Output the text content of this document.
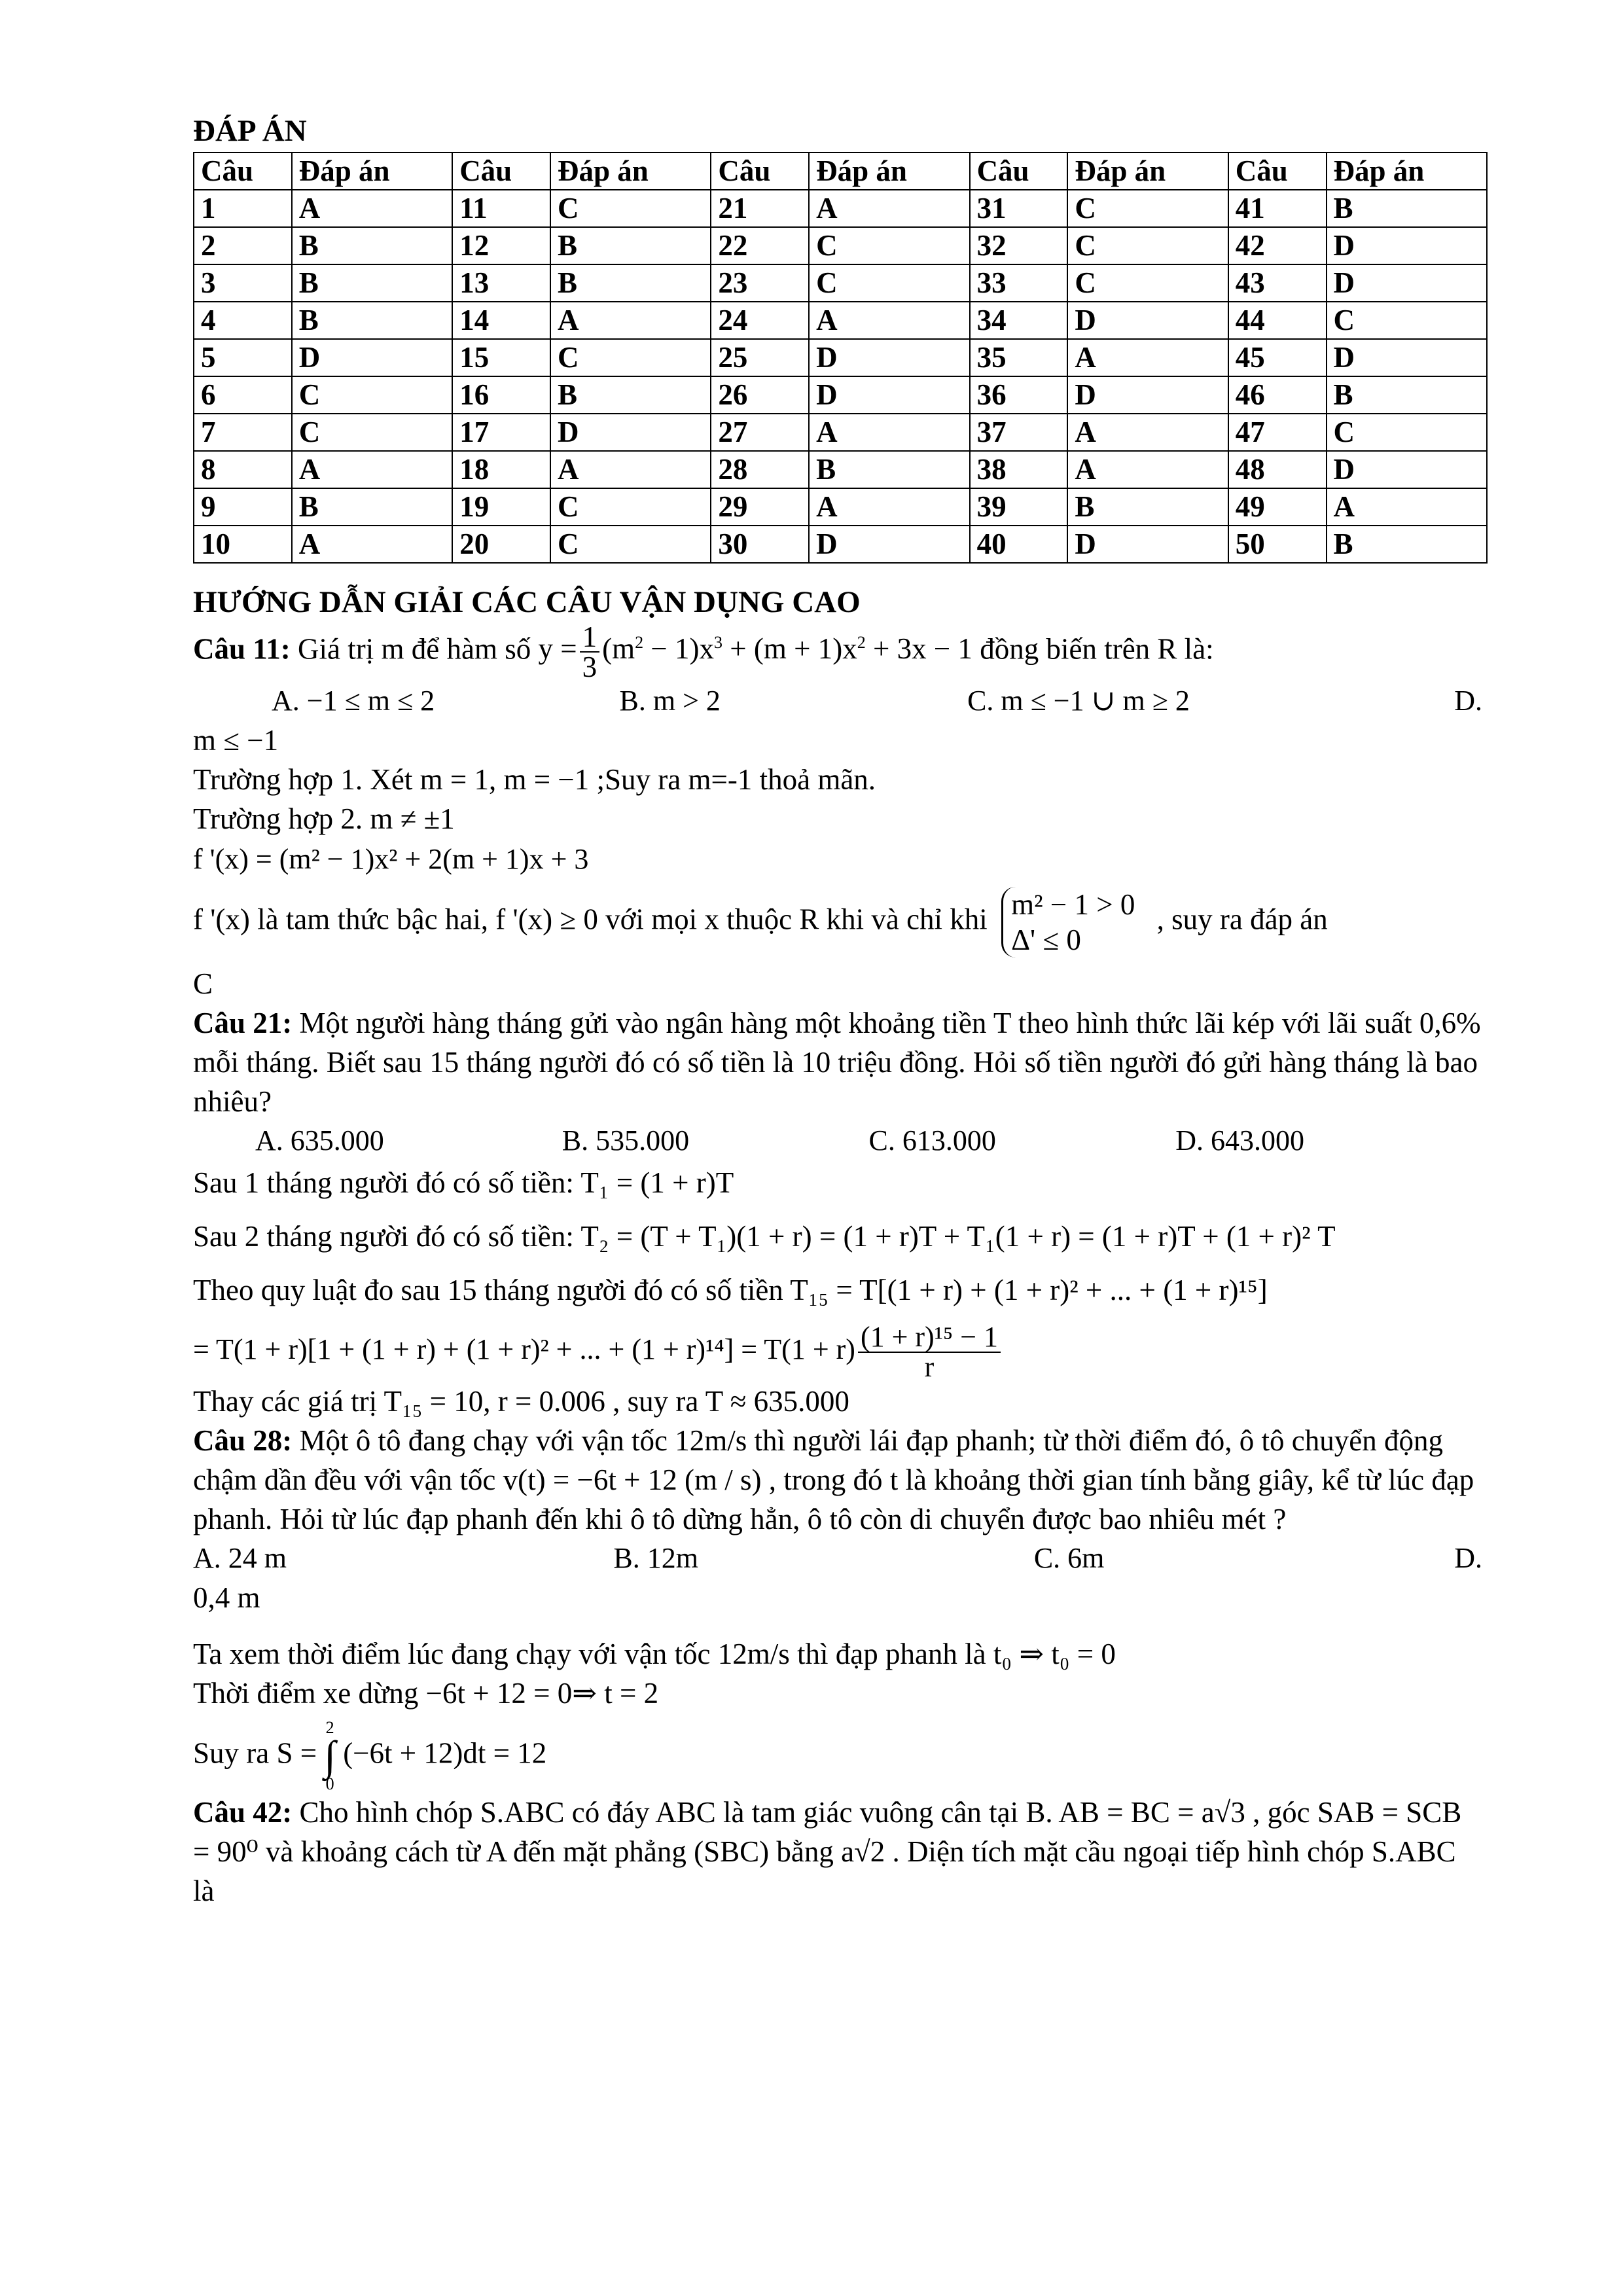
ĐÁP ÁN

Câu	Đáp án	Câu	Đáp án	Câu	Đáp án	Câu	Đáp án	Câu	Đáp án
1	A	11	C	21	A	31	C	41	B
2	B	12	B	22	C	32	C	42	D
3	B	13	B	23	C	33	C	43	D
4	B	14	A	24	A	34	D	44	C
5	D	15	C	25	D	35	A	45	D
6	C	16	B	26	D	36	D	46	B
7	C	17	D	27	A	37	A	47	C
8	A	18	A	28	B	38	A	48	D
9	B	19	C	29	A	39	B	49	A
10	A	20	C	30	D	40	D	50	B

HƯỚNG DẪN GIẢI CÁC CÂU VẬN DỤNG CAO

Câu 11: Giá trị m để hàm số $y = \frac{1}{3} (m^2 - 1)x^3 + (m + 1)x^2 + 3x - 1$ đồng biến trên R là:

A. −1 ≤ m ≤ 2	B. m > 2	C. m ≤ −1 ∪ m ≥ 2	D.

m ≤ −1

Trường hợp 1. Xét m = 1, m = −1 ;Suy ra m=-1 thoả mãn.

Trường hợp 2. m ≠ ±1

f '(x) = (m² − 1)x² + 2(m + 1)x + 3

f '(x) là tam thức bậc hai, f '(x) ≥ 0 với mọi x thuộc R khi và chỉ khi m² − 1 > 0
Δ' ≤ 0
, suy ra đáp án

C

Câu 21: Một người hàng tháng gửi vào ngân hàng một khoảng tiền T theo hình thức lãi kép với lãi suất 0,6% mỗi tháng. Biết sau 15 tháng người đó có số tiền là 10 triệu đồng. Hỏi số tiền người đó gửi hàng tháng là bao nhiêu?

A. 635.000	B. 535.000	C. 613.000	D. 643.000

Sau 1 tháng người đó có số tiền: T₁ = (1 + r)T

Sau 2 tháng người đó có số tiền: T₂ = (T + T₁)(1 + r) = (1 + r)T + T₁(1 + r) = (1 + r)T + (1 + r)² T

Theo quy luật đo sau 15 tháng người đó có số tiền T₁₅ = T[(1 + r) + (1 + r)² + ... + (1 + r)¹⁵]

= T(1 + r)[1 + (1 + r) + (1 + r)² + ... + $(1 + r)^{14}] = T(1 + r) \frac{\text{(1 + r)¹⁵ − 1}}{r}$

Thay các giá trị T₁₅ = 10, r = 0.006 , suy ra T ≈ 635.000

Câu 28: Một ô tô đang chạy với vận tốc 12m/s thì người lái đạp phanh; từ thời điểm đó, ô tô chuyển động chậm dần đều với vận tốc v(t) = −6t + 12 (m / s) , trong đó t là khoảng thời gian tính bằng giây, kể từ lúc đạp phanh. Hỏi từ lúc đạp phanh đến khi ô tô dừng hẳn, ô tô còn di chuyển được bao nhiêu mét ?

A. 24 m	B. 12m	C. 6m	D.

0,4 m

Ta xem thời điểm lúc đang chạy với vận tốc 12m/s thì đạp phanh là t₀ ⇒ t₀ = 0

Thời điểm xe dừng −6t + 12 = 0⇒ t = 2

Suy ra S = 2
∫
0 (−6t + 12)dt = 12

Câu 42: Cho hình chóp S.ABC có đáy ABC là tam giác vuông cân tại B. AB = BC = a√3 , góc SAB = SCB = 90⁰ và khoảng cách từ A đến mặt phẳng (SBC) bằng a√2 . Diện tích mặt cầu ngoại tiếp hình chóp S.ABC là
